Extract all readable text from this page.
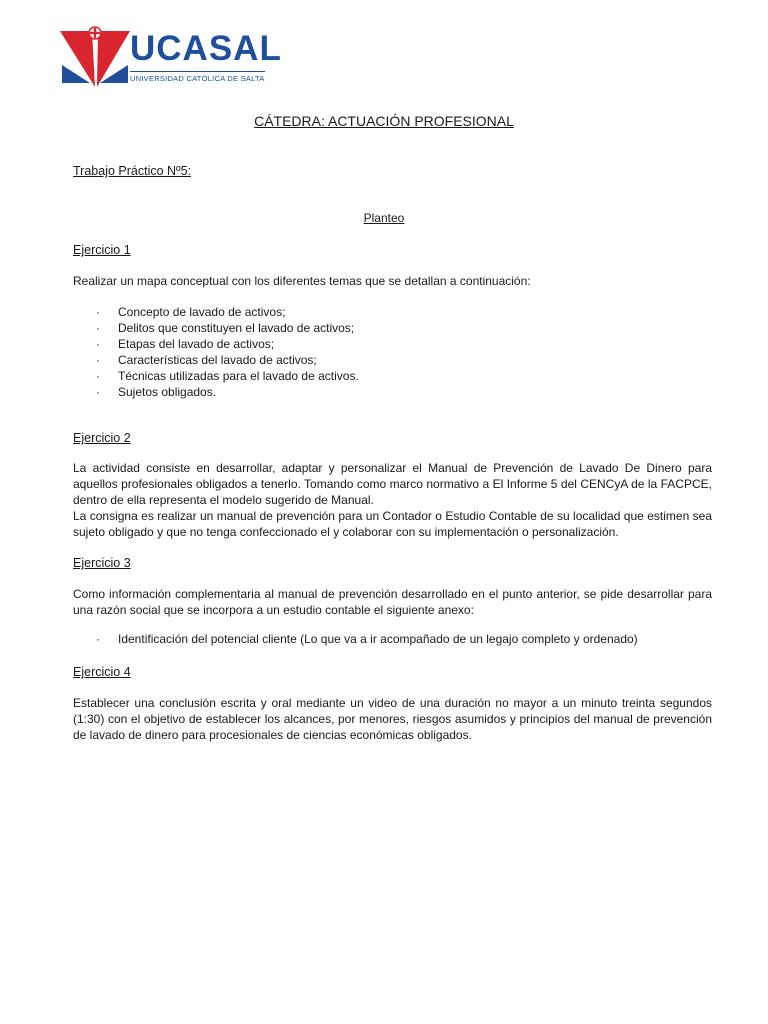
UCASAL
UNIVERSIDAD CATÓLICA DE SALTA
CÁTEDRA: ACTUACIÓN PROFESIONAL
Trabajo Práctico Nº5:
Planteo
Ejercicio 1
Realizar un mapa conceptual con los diferentes temas que se detallan a continuación:
· Concepto de lavado de activos;
· Delitos que constituyen el lavado de activos;
· Etapas del lavado de activos;
· Características del lavado de activos;
· Técnicas utilizadas para el lavado de activos.
· Sujetos obligados.
Ejercicio 2
La actividad consiste en desarrollar, adaptar y personalizar el Manual de Prevención de Lavado De Dinero para aquellos profesionales obligados a tenerlo. Tomando como marco normativo a El Informe 5 del CENCyA de la FACPCE, dentro de ella representa el modelo sugerido de Manual.
La consigna es realizar un manual de prevención para un Contador o Estudio Contable de su localidad que estimen sea sujeto obligado y que no tenga confeccionado el y colaborar con su implementación o personalización.
Ejercicio 3
Como información complementaria al manual de prevención desarrollado en el punto anterior, se pide desarrollar para una razón social que se incorpora a un estudio contable el siguiente anexo:
· Identificación del potencial cliente (Lo que va a ir acompañado de un legajo completo y ordenado)
Ejercicio 4
Establecer una conclusión escrita y oral mediante un video de una duración no mayor a un minuto treinta segundos (1:30) con el objetivo de establecer los alcances, por menores, riesgos asumidos y principios del manual de prevención de lavado de dinero para procesionales de ciencias económicas obligados.
